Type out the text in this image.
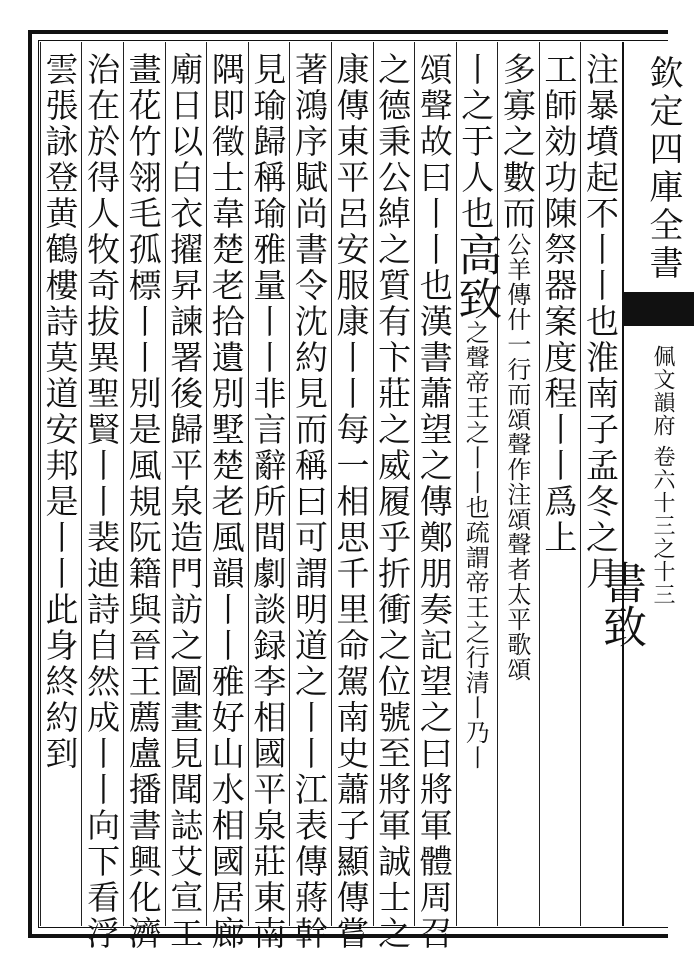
欽定四庫全書
佩文韻府 卷六十三之十三
注暴墳起不丨丨也淮南子孟冬之月
工師効功陳祭器案度程丨丨爲上
多寡之數而公羊傳什一行而頌聲作注頌聲者太平歌頌
丨之于人也高致之聲帝王之丨丨也疏謂帝王之行清丨乃丨
頌聲故曰丨丨也漢書蕭望之傳鄭朋奏記望之曰將軍體周召
之德秉公綽之質有卞莊之威履乎折衝之位號至將軍誠士之
康傳東平呂安服康丨丨每一相思千里命駕南史蕭子顯傳嘗
著鴻序賦尚書令沈約見而稱曰可謂明道之丨丨江表傳蔣幹
見瑜歸稱瑜雅量丨丨非言辭所間劇談録李相國平泉莊東南
隅即徵士韋楚老拾遺別墅楚老風韻丨丨雅好山水相國居廊
廟日以白衣擢昇諫署後歸平泉造門訪之圖畫見聞誌艾宣工
畫花竹翎毛孤標丨丨別是風規阮籍與晉王薦盧播書興化濟
治在於得人牧奇拔異聖賢丨丨裴迪詩自然成丨丨向下看浮
雲張詠登黄鶴樓詩莫道安邦是丨丨此身終約到	書致
